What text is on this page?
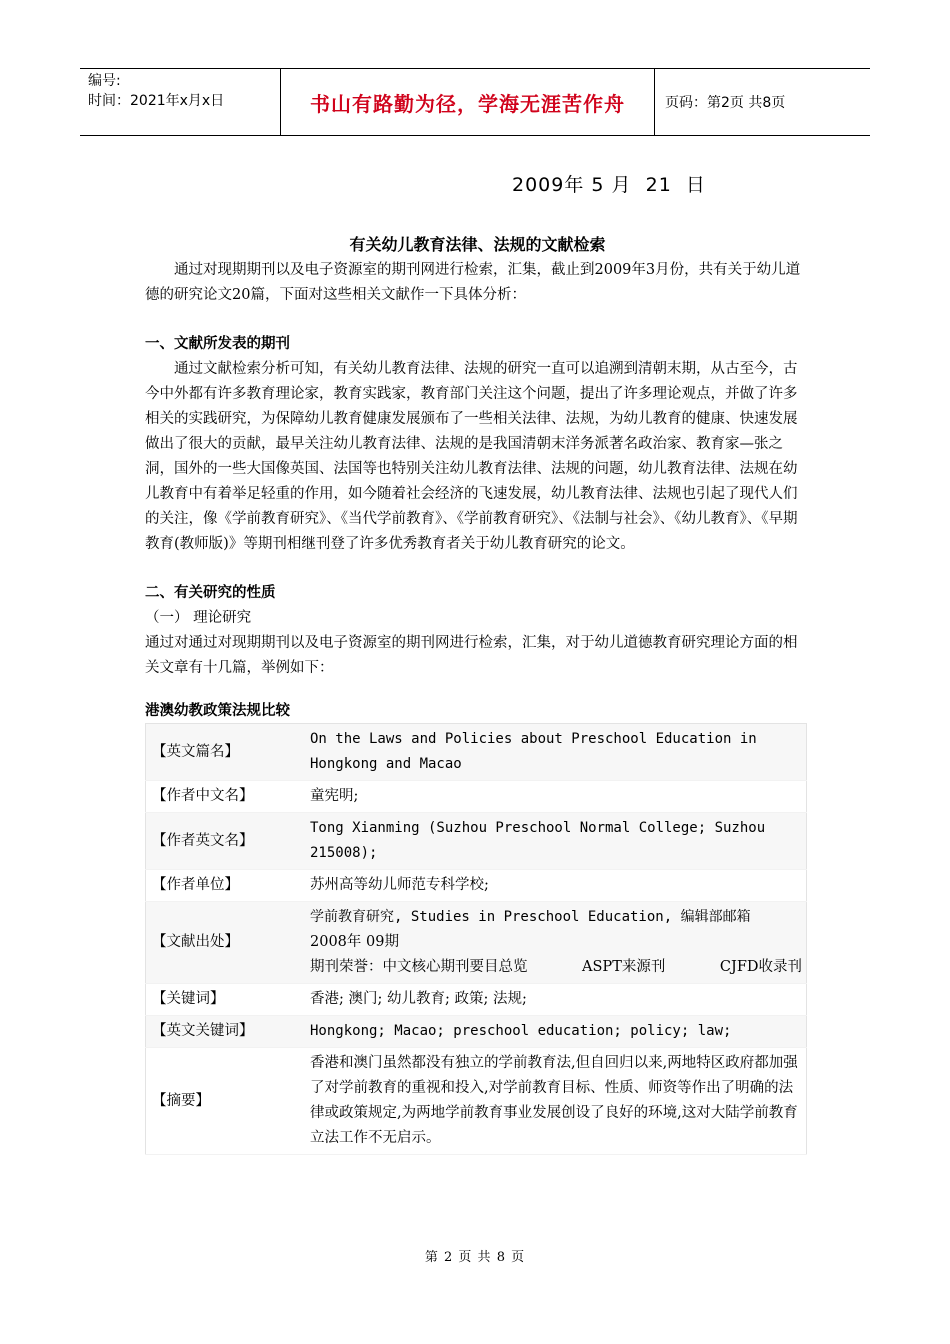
编号:
时间：2021年x月x日	书山有路勤为径，学海无涯苦作舟	页码：第2页 共8页
2009年 5 月  21  日
有关幼儿教育法律、法规的文献检索

通过对现期期刊以及电子资源室的期刊网进行检索，汇集，截止到2009年3月份，共有关于幼儿道德的研究论文20篇，下面对这些相关文献作一下具体分析：

一、文献所发表的期刊

通过文献检索分析可知，有关幼儿教育法律、法规的研究一直可以追溯到清朝末期，从古至今，古今中外都有许多教育理论家，教育实践家，教育部门关注这个问题，提出了许多理论观点，并做了许多相关的实践研究，为保障幼儿教育健康发展颁布了一些相关法律、法规，为幼儿教育的健康、快速发展做出了很大的贡献，最早关注幼儿教育法律、法规的是我国清朝末洋务派著名政治家、教育家—张之洞，国外的一些大国像英国、法国等也特别关注幼儿教育法律、法规的问题，幼儿教育法律、法规在幼儿教育中有着举足轻重的作用，如今随着社会经济的飞速发展，幼儿教育法律、法规也引起了现代人们的关注，像《学前教育研究》、《当代学前教育》、《学前教育研究》、《法制与社会》、《幼儿教育》、《早期教育(教师版)》等期刊相继刊登了许多优秀教育者关于幼儿教育研究的论文。

二、有关研究的性质

（一） 理论研究

通过对通过对现期期刊以及电子资源室的期刊网进行检索，汇集，对于幼儿道德教育研究理论方面的相关文章有十几篇，举例如下：

港澳幼教政策法规比较
【英文篇名】	On the Laws and Policies about Preschool Education in Hongkong and Macao
【作者中文名】	童宪明;
【作者英文名】	Tong Xianming (Suzhou Preschool Normal College; Suzhou 215008);
【作者单位】	苏州高等幼儿师范专科学校;
【文献出处】	学前教育研究, Studies in Preschool Education, 编辑部邮箱
2008年 09期
期刊荣誉：中文核心期刊要目总览 ASPT来源刊 CJFD收录刊

【关键词】	香港; 澳门; 幼儿教育; 政策; 法规;
【英文关键词】	Hongkong; Macao; preschool education; policy; law;
【摘要】	香港和澳门虽然都没有独立的学前教育法,但自回归以来,两地特区政府都加强了对学前教育的重视和投入,对学前教育目标、性质、师资等作出了明确的法律或政策规定,为两地学前教育事业发展创设了良好的环境,这对大陆学前教育立法工作不无启示。
第 2 页 共 8 页
